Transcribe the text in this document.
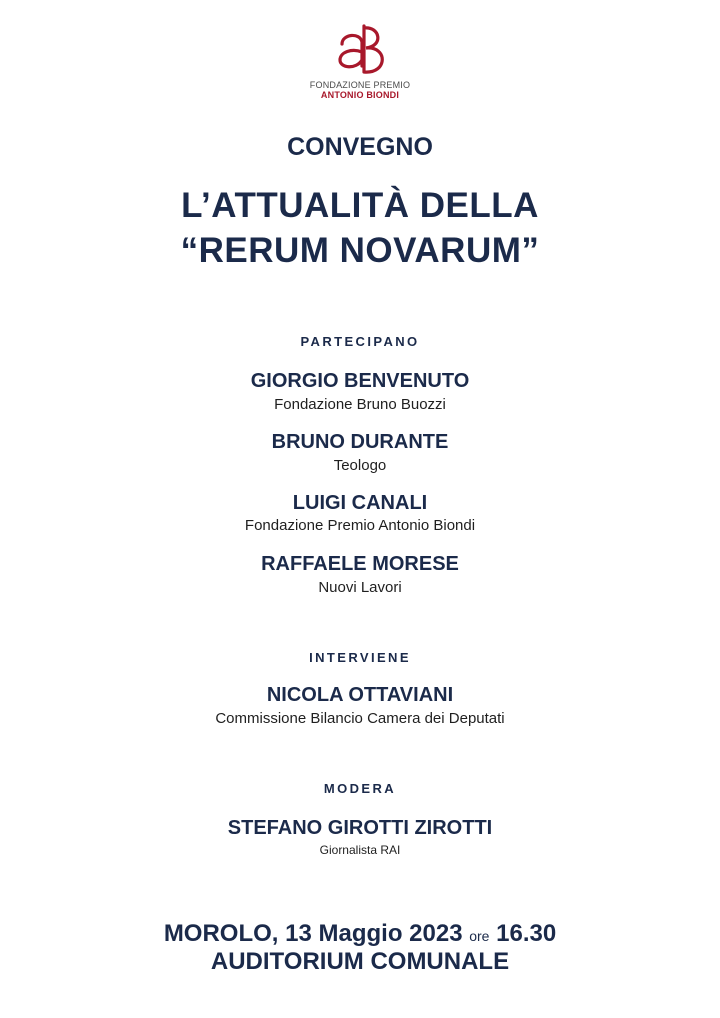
FONDAZIONE PREMIO
ANTONIO BIONDI
CONVEGNO
L’ATTUALITÀ DELLA
“RERUM NOVARUM”
PARTECIPANO
GIORGIO BENVENUTO
Fondazione Bruno Buozzi
BRUNO DURANTE
Teologo
LUIGI CANALI
Fondazione Premio Antonio Biondi
RAFFAELE MORESE
Nuovi Lavori
INTERVIENE
NICOLA OTTAVIANI
Commissione Bilancio Camera dei Deputati
MODERA
STEFANO GIROTTI ZIROTTI
Giornalista RAI
MOROLO, 13 Maggio 2023 ore 16.30
AUDITORIUM COMUNALE
